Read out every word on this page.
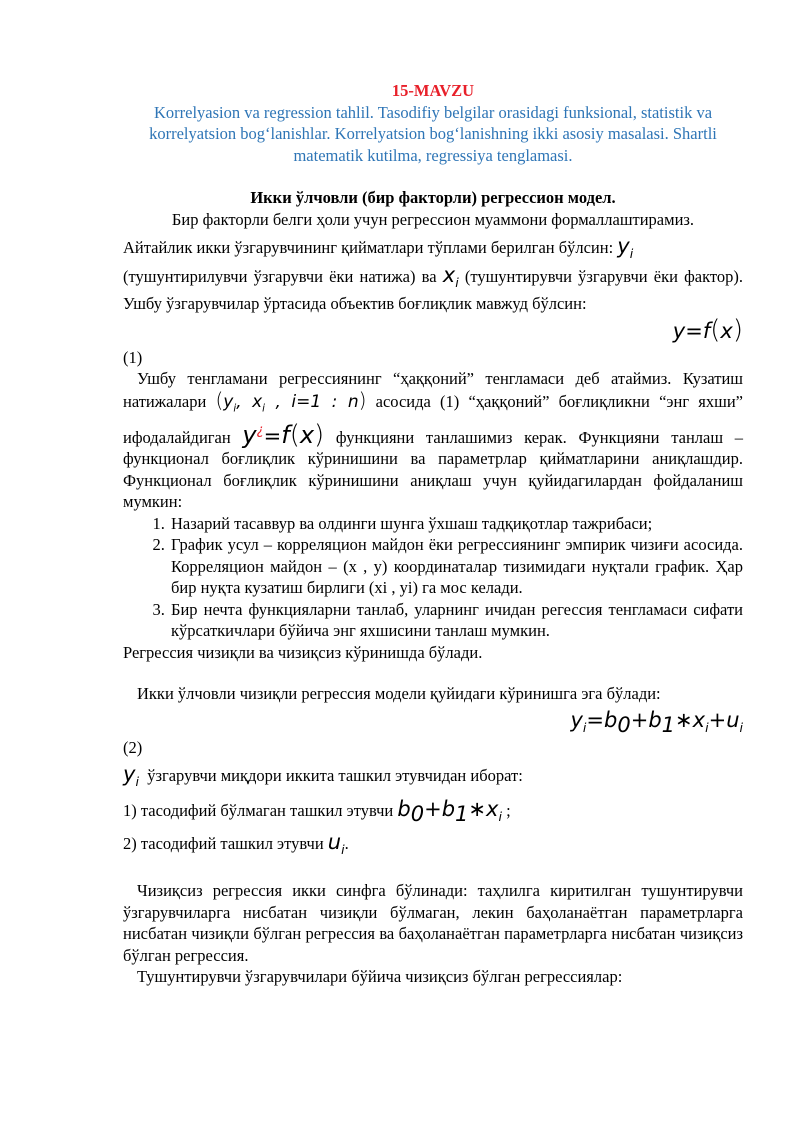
15-MAVZU
Korrelyasion va regression tahlil. Tasodifiy belgilar orasidagi funksional, statistik va korrelyatsion bog‘lanishlar. Korrelyatsion bog‘lanishning ikki asosiy masalasi. Shartli matematik kutilma, regressiya tenglamasi.
Икки ўлчовли (бир факторли) регрессион модел.
Бир факторли белги ҳоли учун регрессион муаммони формаллаштирамиз.
Айтайлик икки ўзгарувчининг қийматлари тўплами берилган бўлсин: $y_i$
(тушунтирилувчи ўзгарувчи ёки натижа) ва $x_i$ (тушунтирувчи ўзгарувчи ёки фактор). Ушбу ўзгарувчилар ўртасида объектив боғлиқлик мавжуд бўлсин:
y=f(x)
(1)
Ушбу тенгламани регрессиянинг “ҳаққоний” тенгламаси деб атаймиз. Кузатиш натижалари ($y_i$, $x_i$ , i=1 : n) асосида (1) “ҳаққоний” боғлиқликни “энг яхши” ифодалайдиган y¿=f(x) функцияни танлашимиз керак. Функцияни танлаш – функционал боғлиқлик кўринишини ва параметрлар қийматларини аниқлашдир. Функционал боғлиқлик кўринишини аниқлаш учун қуйидагилардан фойдаланиш мумкин:
1. Назарий тасаввур ва олдинги шунга ўхшаш тадқиқотлар тажрибаси;
2. График усул – корреляцион майдон ёки регрессиянинг эмпирик чизиғи асосида. Корреляцион майдон – (x , y) координаталар тизимидаги нуқтали график. Ҳар бир нуқта кузатиш бирлиги (xi , yi) га мос келади.
3. Бир нечта функцияларни танлаб, уларнинг ичидан регессия тенгламаси сифати кўрсаткичлари бўйича энг яхшисини танлаш мумкин.
Регрессия чизиқли ва чизиқсиз кўринишда бўлади.
Икки ўлчовли чизиқли регрессия модели қуйидаги кўринишга эга бўлади:
$y_i=b_0+b_1∗x_i+u_i$
(2)
$y_i$ ўзгарувчи миқдори иккита ташкил этувчидан иборат:
1) тасодифий бўлмаган ташкил этувчи $b_0+b_1∗x_i$ ;
2) тасодифий ташкил этувчи $u_i$.
Чизиқсиз регрессия икки синфга бўлинади: таҳлилга киритилган тушунтирувчи ўзгарувчиларга нисбатан чизиқли бўлмаган, лекин баҳоланаётган параметрларга нисбатан чизиқли бўлган регрессия ва баҳоланаётган параметрларга нисбатан чизиқсиз бўлган регрессия.
Тушунтирувчи ўзгарувчилари бўйича чизиқсиз бўлган регрессиялар:
